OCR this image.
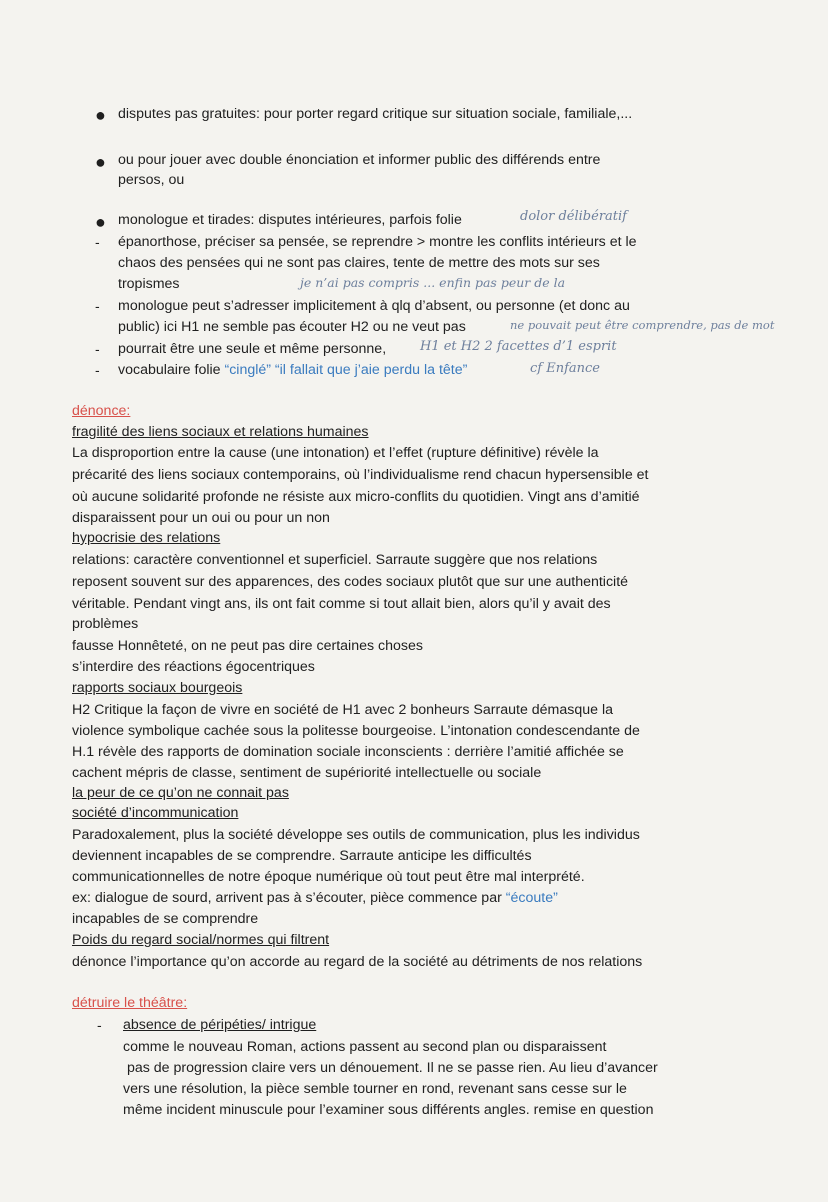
● disputes pas gratuites: pour porter regard critique sur situation sociale, familiale,...
● ou pour jouer avec double énonciation et informer public des différends entre
persos, ou
● monologue et tirades: disputes intérieures, parfois folie	dolor délibératif
- épanorthose, préciser sa pensée, se reprendre > montre les conflits intérieurs et le
chaos des pensées qui ne sont pas claires, tente de mettre des mots sur ses
tropismes	je n’ai pas compris ... enfin pas peur de la
- monologue peut s’adresser implicitement à qlq d’absent, ou personne (et donc au
public) ici H1 ne semble pas écouter H2 ou ne veut pas	ne pouvait peut être comprendre, pas de mot
- pourrait être une seule et même personne,	H1 et H2 2 facettes d’1 esprit
- vocabulaire folie “cinglé” “il fallait que j’aie perdu la tête”	cf Enfance
dénonce:
fragilité des liens sociaux et relations humaines
La disproportion entre la cause (une intonation) et l’effet (rupture définitive) révèle la
précarité des liens sociaux contemporains, où l’individualisme rend chacun hypersensible et
où aucune solidarité profonde ne résiste aux micro-conflits du quotidien. Vingt ans d’amitié
disparaissent pour un oui ou pour un non
hypocrisie des relations
relations: caractère conventionnel et superficiel. Sarraute suggère que nos relations
reposent souvent sur des apparences, des codes sociaux plutôt que sur une authenticité
véritable. Pendant vingt ans, ils ont fait comme si tout allait bien, alors qu’il y avait des
problèmes
fausse Honnêteté, on ne peut pas dire certaines choses
s’interdire des réactions égocentriques
rapports sociaux bourgeois
H2 Critique la façon de vivre en société de H1 avec 2 bonheurs Sarraute démasque la
violence symbolique cachée sous la politesse bourgeoise. L’intonation condescendante de
H.1 révèle des rapports de domination sociale inconscients : derrière l’amitié affichée se
cachent mépris de classe, sentiment de supériorité intellectuelle ou sociale
la peur de ce qu’on ne connait pas
société d’incommunication
Paradoxalement, plus la société développe ses outils de communication, plus les individus
deviennent incapables de se comprendre. Sarraute anticipe les difficultés
communicationnelles de notre époque numérique où tout peut être mal interprété.
ex: dialogue de sourd, arrivent pas à s’écouter, pièce commence par “écoute”
incapables de se comprendre
Poids du regard social/normes qui filtrent
dénonce l’importance qu’on accorde au regard de la société au détriments de nos relations
détruire le théâtre:
- absence de péripéties/ intrigue
comme le nouveau Roman, actions passent au second plan ou disparaissent
pas de progression claire vers un dénouement. Il ne se passe rien. Au lieu d’avancer
vers une résolution, la pièce semble tourner en rond, revenant sans cesse sur le
même incident minuscule pour l’examiner sous différents angles. remise en question
